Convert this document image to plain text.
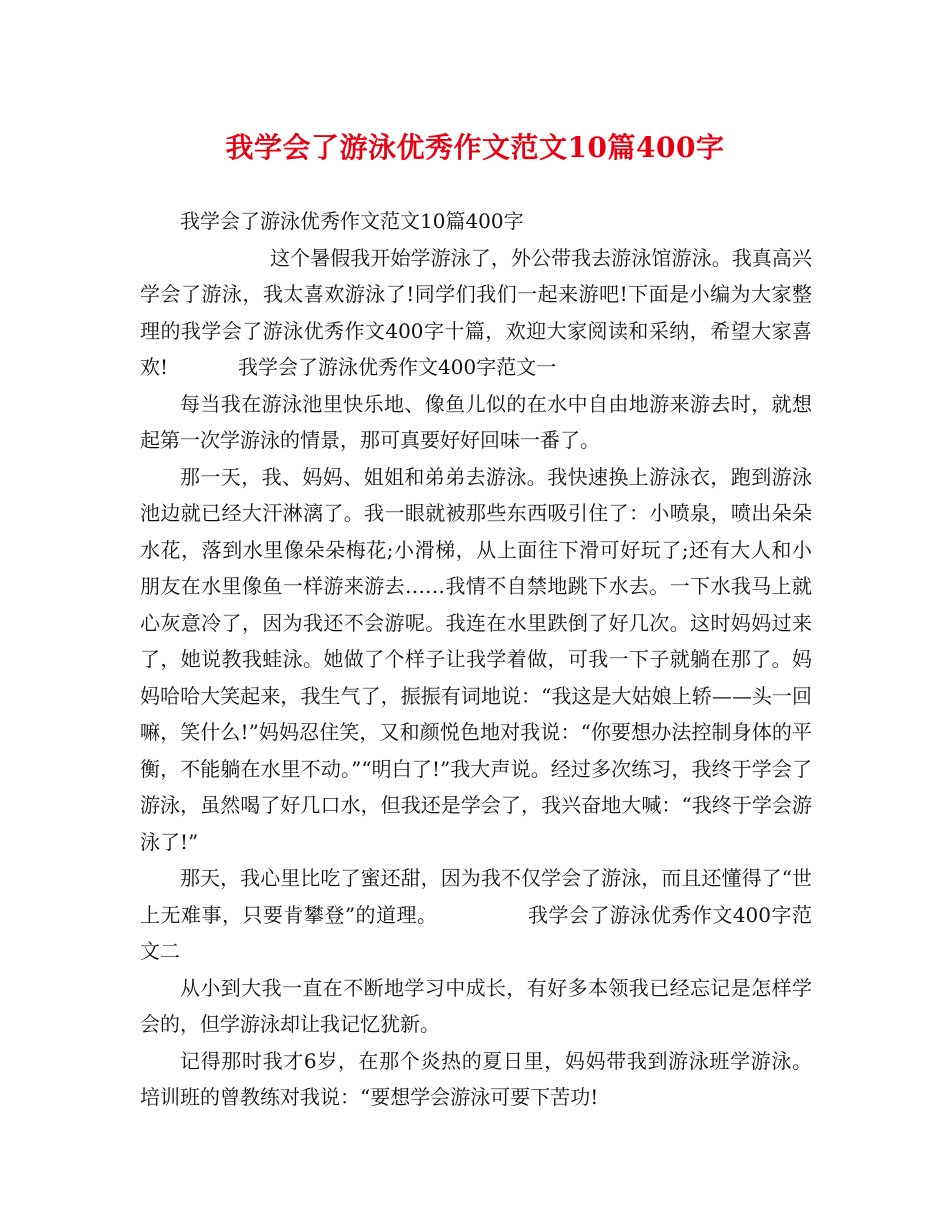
我学会了游泳优秀作文范文10篇400字

我学会了游泳优秀作文范文10篇400字

这个暑假我开始学游泳了，外公带我去游泳馆游泳。我真高兴学会了游泳，我太喜欢游泳了!同学们我们一起来游吧!下面是小编为大家整理的我学会了游泳优秀作文400字十篇，欢迎大家阅读和采纳，希望大家喜欢!	我学会了游泳优秀作文400字范文一

每当我在游泳池里快乐地、像鱼儿似的在水中自由地游来游去时，就想起第一次学游泳的情景，那可真要好好回味一番了。

那一天，我、妈妈、姐姐和弟弟去游泳。我快速换上游泳衣，跑到游泳池边就已经大汗淋漓了。我一眼就被那些东西吸引住了：小喷泉，喷出朵朵水花，落到水里像朵朵梅花;小滑梯，从上面往下滑可好玩了;还有大人和小朋友在水里像鱼一样游来游去……我情不自禁地跳下水去。一下水我马上就心灰意冷了，因为我还不会游呢。我连在水里跌倒了好几次。这时妈妈过来了，她说教我蛙泳。她做了个样子让我学着做，可我一下子就躺在那了。妈妈哈哈大笑起来，我生气了，振振有词地说：“我这是大姑娘上轿——头一回嘛，笑什么!”妈妈忍住笑，又和颜悦色地对我说：“你要想办法控制身体的平衡，不能躺在水里不动。”“明白了!”我大声说。经过多次练习，我终于学会了游泳，虽然喝了好几口水，但我还是学会了，我兴奋地大喊：“我终于学会游泳了!”

那天，我心里比吃了蜜还甜，因为我不仅学会了游泳，而且还懂得了“世上无难事，只要肯攀登”的道理。	我学会了游泳优秀作文400字范文二

从小到大我一直在不断地学习中成长，有好多本领我已经忘记是怎样学会的，但学游泳却让我记忆犹新。

记得那时我才6岁，在那个炎热的夏日里，妈妈带我到游泳班学游泳。培训班的曾教练对我说：“要想学会游泳可要下苦功!
